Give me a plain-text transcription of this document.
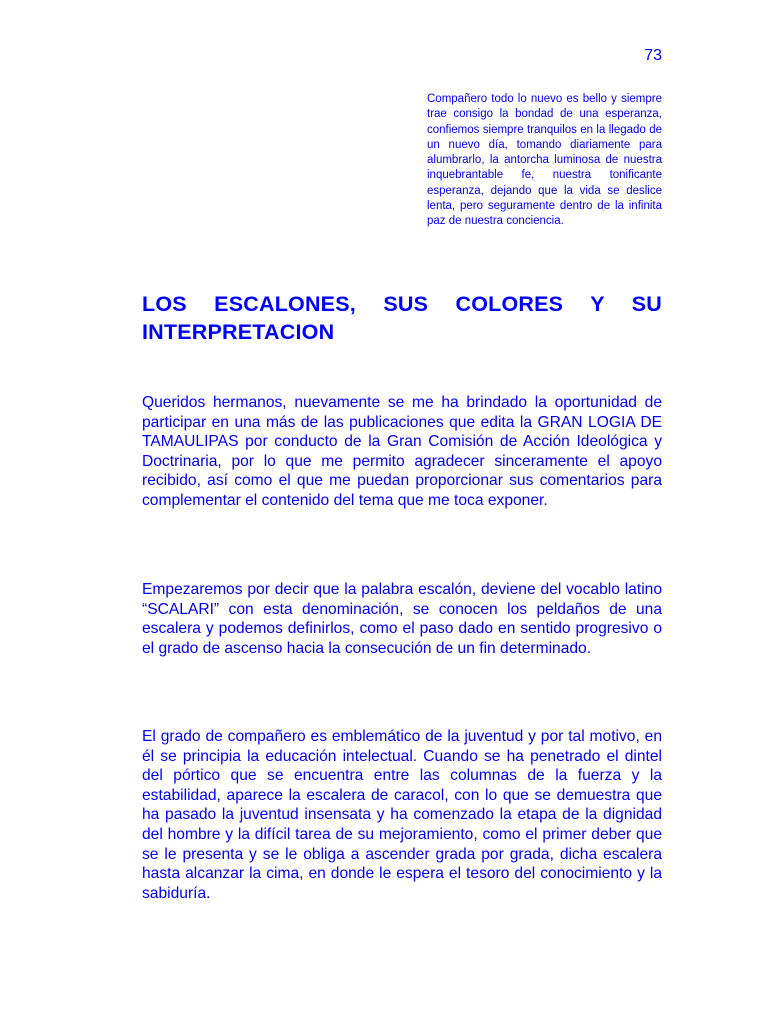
73

Compañero todo lo nuevo es bello y siempre trae consigo la bondad de una esperanza, confiemos siempre tranquilos en la llegado de un nuevo día, tomando diariamente para alumbrarlo, la antorcha luminosa de nuestra inquebrantable fe, nuestra tonificante esperanza, dejando que la vida se deslice lenta, pero seguramente dentro de la infinita paz de nuestra conciencia.

LOS ESCALONES, SUS COLORES Y SU INTERPRETACION

Queridos hermanos, nuevamente se me ha brindado la oportunidad de participar en una más de las publicaciones que edita la GRAN LOGIA DE TAMAULIPAS por conducto de la Gran Comisión de Acción Ideológica y Doctrinaria, por lo que me permito agradecer sinceramente el apoyo recibido, así como el que me puedan proporcionar sus comentarios para complementar el contenido del tema que me toca exponer.

Empezaremos por decir que la palabra escalón, deviene del vocablo latino “SCALARI” con esta denominación, se conocen los peldaños de una escalera y podemos definirlos, como el paso dado en sentido progresivo o el grado de ascenso hacia la consecución de un fin determinado.

El grado de compañero es emblemático de la juventud y por tal motivo, en él se principia la educación intelectual. Cuando se ha penetrado el dintel del pórtico que se encuentra entre las columnas de la fuerza y la estabilidad, aparece la escalera de caracol, con lo que se demuestra que ha pasado la juventud insensata y ha comenzado la etapa de la dignidad del hombre y la difícil tarea de su mejoramiento, como el primer deber que se le presenta y se le obliga a ascender grada por grada, dicha escalera hasta alcanzar la cima, en donde le espera el tesoro del conocimiento y la sabiduría.
